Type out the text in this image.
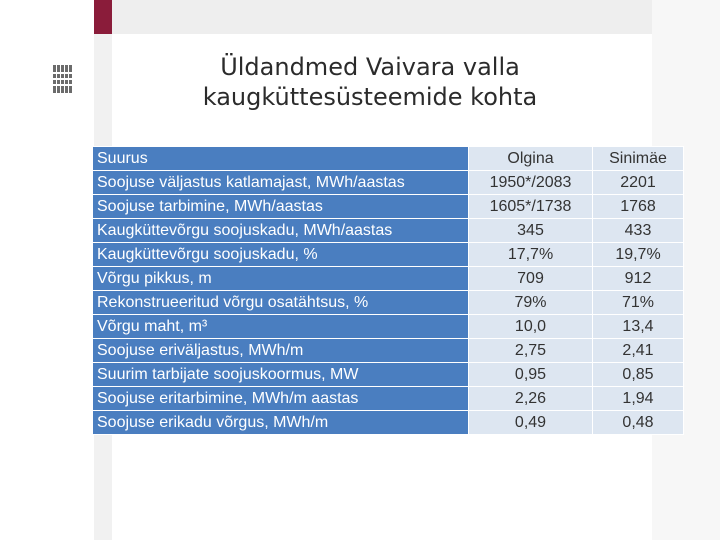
Üldandmed Vaivara valla
kaugküttesüsteemide kohta
Suurus	Olgina	Sinimäe
Soojuse väljastus katlamajast, MWh/aastas	1950*/2083	2201
Soojuse tarbimine, MWh/aastas	1605*/1738	1768
Kaugküttevõrgu soojuskadu, MWh/aastas	345	433
Kaugküttevõrgu soojuskadu, %	17,7%	19,7%
Võrgu pikkus, m	709	912
Rekonstrueeritud võrgu osatähtsus, %	79%	71%
Võrgu maht, m³	10,0	13,4
Soojuse eriväljastus, MWh/m	2,75	2,41
Suurim tarbijate soojuskoormus, MW	0,95	0,85
Soojuse eritarbimine, MWh/m aastas	2,26	1,94
Soojuse erikadu võrgus, MWh/m	0,49	0,48
